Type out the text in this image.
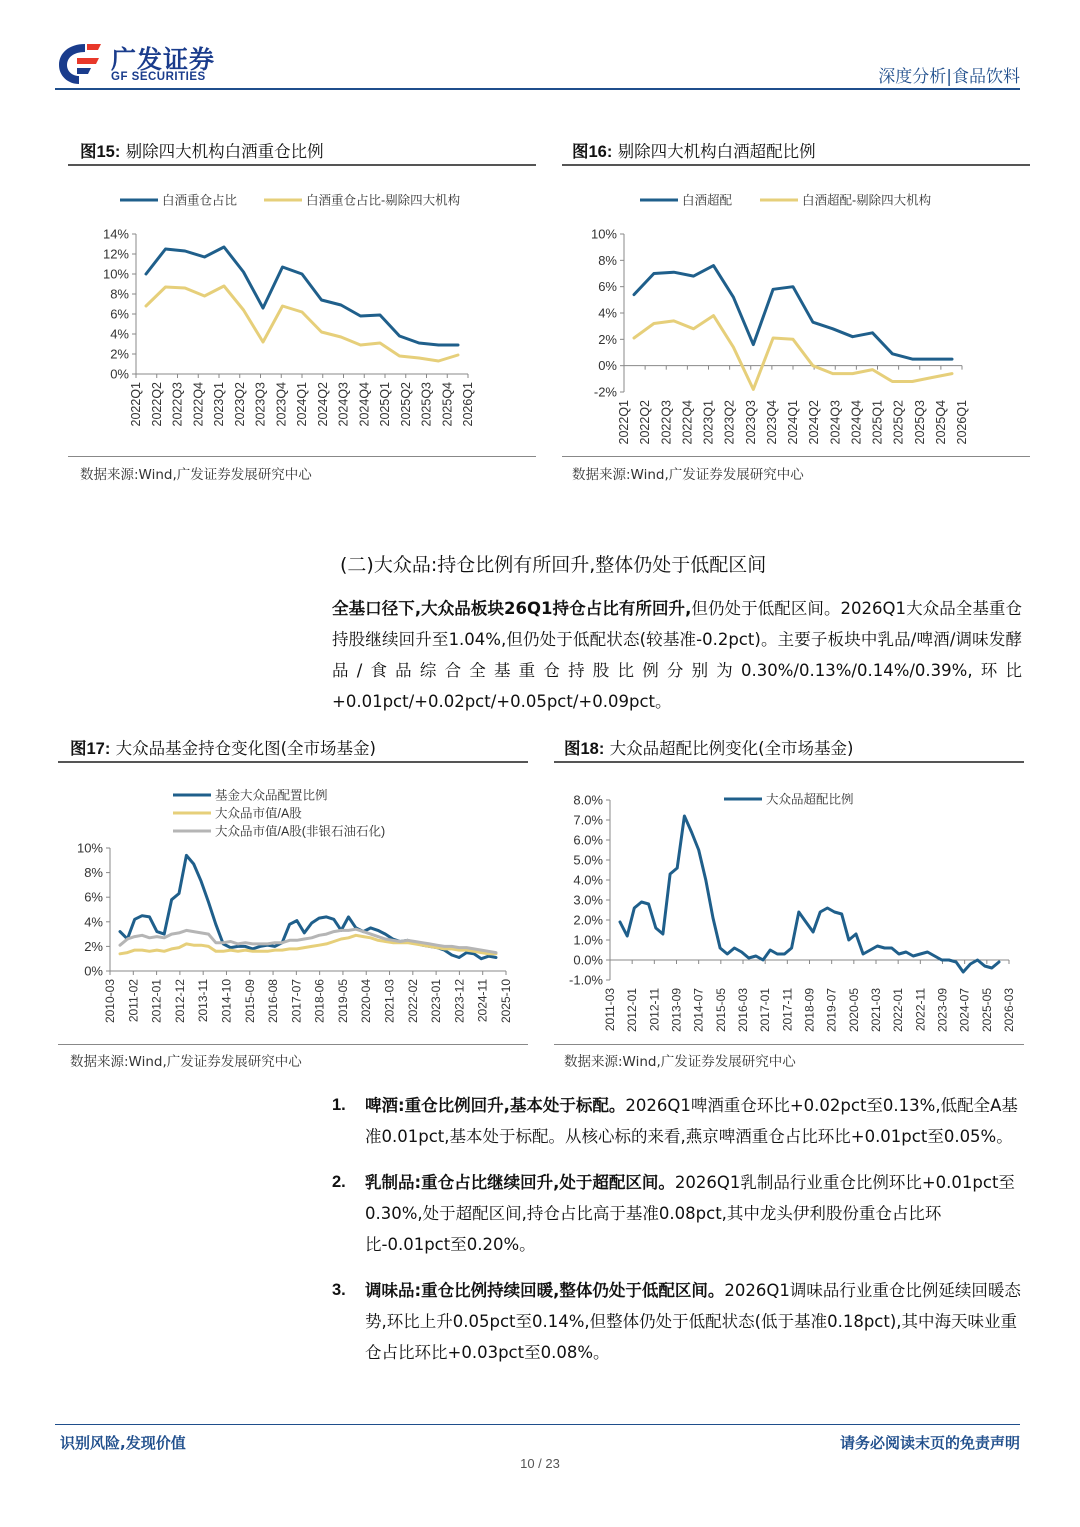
广发证券
GF SECURITIES	深度分析|食品饮料
图15: 剔除四大机构白酒重仓比例
0%
2%
4%
6%
8%
10%
12%
14%
2022Q1 2022Q2 2022Q3 2022Q4 2023Q1 2023Q2 2023Q3 2023Q4 2024Q1 2024Q2 2024Q3 2024Q4 2025Q1 2025Q2 2025Q3 2025Q4 2026Q1
白酒重仓占比	白酒重仓占比-剔除四大机构
数据来源:Wind,广发证券发展研究中心
图16: 剔除四大机构白酒超配比例
-2%
0%
2%
4%
6%
8%
10%
2022Q1 2022Q2 2022Q3 2022Q4 2023Q1 2023Q2 2023Q3 2023Q4 2024Q1 2024Q2 2024Q3 2024Q4 2025Q1 2025Q2 2025Q3 2025Q4 2026Q1
白酒超配	白酒超配-剔除四大机构
数据来源:Wind,广发证券发展研究中心
(二)大众品:持仓比例有所回升,整体仍处于低配区间
全基口径下,大众品板块26Q1持仓占比有所回升,但仍处于低配区间。2026Q1大众品全基重仓持股继续回升至1.04%,但仍处于低配状态(较基准-0.2pct)。主要子板块中乳品/啤酒/调味发酵品/食品综合全基重仓持股比例分别为0.30%/0.13%/0.14%/0.39%,环比+0.01pct/+0.02pct/+0.05pct/+0.09pct。
图17: 大众品基金持仓变化图(全市场基金)
0%
2%
4%
6%
8%
10%
2010-03 2011-02 2012-01 2012-12 2013-11 2014-10 2015-09 2016-08 2017-07 2018-06 2019-05 2020-04 2021-03 2022-02 2023-01 2023-12 2024-11 2025-10
基金大众品配置比例
大众品市值/A股
大众品市值/A股(非银石油石化)
数据来源:Wind,广发证券发展研究中心
图18: 大众品超配比例变化(全市场基金)
-1.0%
0.0%
1.0%
2.0%
3.0%
4.0%
5.0%
6.0%
7.0%
8.0%
2011-03 2012-01 2012-11 2013-09 2014-07 2015-05 2016-03 2017-01 2017-11 2018-09 2019-07 2020-05 2021-03 2022-01 2022-11 2023-09 2024-07 2025-05 2026-03
大众品超配比例
数据来源:Wind,广发证券发展研究中心
1. 啤酒:重仓比例回升,基本处于标配。2026Q1啤酒重仓环比+0.02pct至0.13%,低配全A基准0.01pct,基本处于标配。从核心标的来看,燕京啤酒重仓占比环比+0.01pct至0.05%。
2. 乳制品:重仓占比继续回升,处于超配区间。2026Q1乳制品行业重仓比例环比+0.01pct至0.30%,处于超配区间,持仓占比高于基准0.08pct,其中龙头伊利股份重仓占比环比-0.01pct至0.20%。
3. 调味品:重仓比例持续回暖,整体仍处于低配区间。2026Q1调味品行业重仓比例延续回暖态势,环比上升0.05pct至0.14%,但整体仍处于低配状态(低于基准0.18pct),其中海天味业重仓占比环比+0.03pct至0.08%。
识别风险,发现价值	请务必阅读末页的免责声明
10 / 23
